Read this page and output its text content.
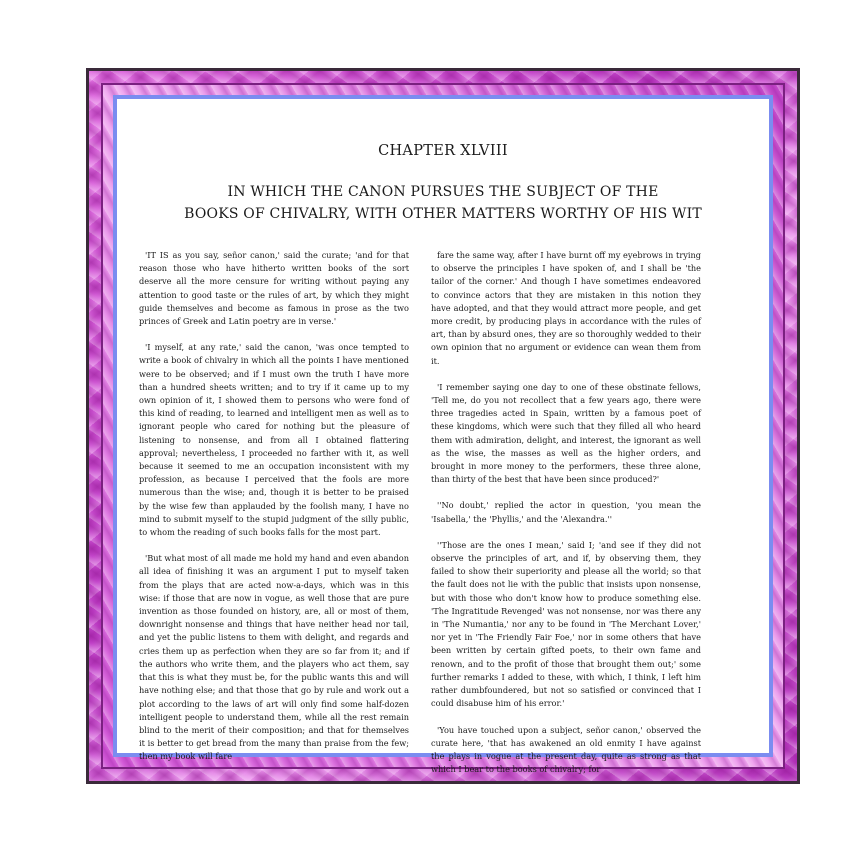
CHAPTER XLVIII
IN WHICH THE CANON PURSUES THE SUBJECT OF THE
BOOKS OF CHIVALRY, WITH OTHER MATTERS WORTHY OF HIS WIT

'IT IS as you say, señor canon,' said the curate; 'and for that reason those who have hitherto written books of the sort deserve all the more censure for writing without paying any attention to good taste or the rules of art, by which they might guide themselves and become as famous in prose as the two princes of Greek and Latin poetry are in verse.'

'I myself, at any rate,' said the canon, 'was once tempted to write a book of chivalry in which all the points I have mentioned were to be observed; and if I must own the truth I have more than a hundred sheets written; and to try if it came up to my own opinion of it, I showed them to persons who were fond of this kind of reading, to learned and intelligent men as well as to ignorant people who cared for nothing but the pleasure of listening to nonsense, and from all I obtained flattering approval; nevertheless, I proceeded no farther with it, as well because it seemed to me an occupation inconsistent with my profession, as because I perceived that the fools are more numerous than the wise; and, though it is better to be praised by the wise few than applauded by the foolish many, I have no mind to submit myself to the stupid judgment of the silly public, to whom the reading of such books falls for the most part.

'But what most of all made me hold my hand and even abandon all idea of finishing it was an argument I put to myself taken from the plays that are acted now-a-days, which was in this wise: if those that are now in vogue, as well those that are pure invention as those founded on history, are, all or most of them, downright nonsense and things that have neither head nor tail, and yet the public listens to them with delight, and regards and cries them up as perfection when they are so far from it; and if the authors who write them, and the players who act them, say that this is what they must be, for the public wants this and will have nothing else; and that those that go by rule and work out a plot according to the laws of art will only find some half-dozen intelligent people to understand them, while all the rest remain blind to the merit of their composition; and that for themselves it is better to get bread from the many than praise from the few; then my book will fare

fare the same way, after I have burnt off my eyebrows in trying to observe the principles I have spoken of, and I shall be 'the tailor of the corner.' And though I have sometimes endeavored to convince actors that they are mistaken in this notion they have adopted, and that they would attract more people, and get more credit, by producing plays in accordance with the rules of art, than by absurd ones, they are so thoroughly wedded to their own opinion that no argument or evidence can wean them from it.

'I remember saying one day to one of these obstinate fellows, 'Tell me, do you not recollect that a few years ago, there were three tragedies acted in Spain, written by a famous poet of these kingdoms, which were such that they filled all who heard them with admiration, delight, and interest, the ignorant as well as the wise, the masses as well as the higher orders, and brought in more money to the performers, these three alone, than thirty of the best that have been since produced?'

''No doubt,' replied the actor in question, 'you mean the 'Isabella,' the 'Phyllis,' and the 'Alexandra.''

''Those are the ones I mean,' said I; 'and see if they did not observe the principles of art, and if, by observing them, they failed to show their superiority and please all the world; so that the fault does not lie with the public that insists upon nonsense, but with those who don't know how to produce something else. 'The Ingratitude Revenged' was not nonsense, nor was there any in 'The Numantia,' nor any to be found in 'The Merchant Lover,' nor yet in 'The Friendly Fair Foe,' nor in some others that have been written by certain gifted poets, to their own fame and renown, and to the profit of those that brought them out;' some further remarks I added to these, with which, I think, I left him rather dumbfoundered, but not so satisfied or convinced that I could disabuse him of his error.'

'You have touched upon a subject, señor canon,' observed the curate here, 'that has awakened an old enmity I have against the plays in vogue at the present day, quite as strong as that which I bear to the books of chivalry; for
